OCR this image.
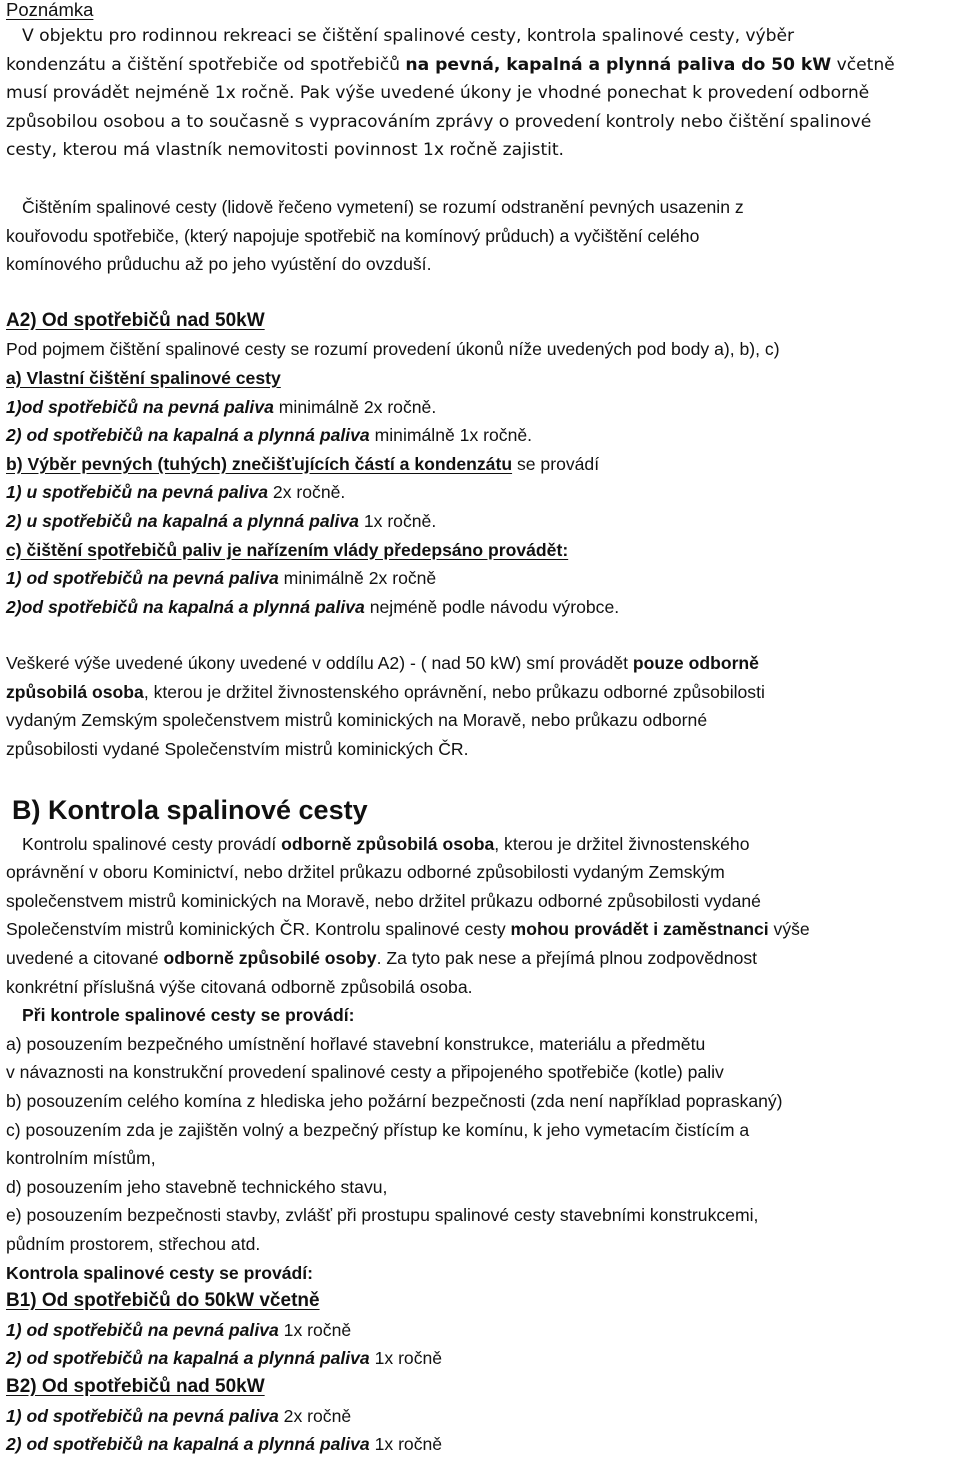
Poznámka
V objektu pro rodinnou rekreaci se čištění spalinové cesty, kontrola spalinové cesty, výběr
kondenzátu a čištění spotřebiče od spotřebičů na pevná, kapalná a plynná paliva do 50 kW včetně
musí provádět nejméně 1x ročně. Pak výše uvedené úkony je vhodné ponechat k provedení odborně
způsobilou osobou a to současně s vypracováním zprávy o provedení kontroly nebo čištění spalinové
cesty, kterou má vlastník nemovitosti povinnost 1x ročně zajistit.
Čištěním spalinové cesty (lidově řečeno vymetení) se rozumí odstranění pevných usazenin z
kouřovodu spotřebiče, (který napojuje spotřebič na komínový průduch) a vyčištění celého
komínového průduchu až po jeho vyústění do ovzduší.
A2) Od spotřebičů nad 50kW
Pod pojmem čištění spalinové cesty se rozumí provedení úkonů níže uvedených pod body a), b), c)
a) Vlastní čištění spalinové cesty
1)od spotřebičů na pevná paliva minimálně 2x ročně.
2) od spotřebičů na kapalná a plynná paliva minimálně 1x ročně.
b) Výběr pevných (tuhých) znečišťujících částí a kondenzátu se provádí
1) u spotřebičů na pevná paliva 2x ročně.
2) u spotřebičů na kapalná a plynná paliva 1x ročně.
c) čištění spotřebičů paliv je nařízením vlády předepsáno provádět:
1) od spotřebičů na pevná paliva minimálně 2x ročně
2)od spotřebičů na kapalná a plynná paliva nejméně podle návodu výrobce.
Veškeré výše uvedené úkony uvedené v oddílu A2) - ( nad 50 kW) smí provádět pouze odborně
způsobilá osoba, kterou je držitel živnostenského oprávnění, nebo průkazu odborné způsobilosti
vydaným Zemským společenstvem mistrů kominických na Moravě, nebo průkazu odborné
způsobilosti vydané Společenstvím mistrů kominických ČR.
B) Kontrola spalinové cesty
Kontrolu spalinové cesty provádí odborně způsobilá osoba, kterou je držitel živnostenského
oprávnění v oboru Kominictví, nebo držitel průkazu odborné způsobilosti vydaným Zemským
společenstvem mistrů kominických na Moravě, nebo držitel průkazu odborné způsobilosti vydané
Společenstvím mistrů kominických ČR. Kontrolu spalinové cesty mohou provádět i zaměstnanci výše
uvedené a citované odborně způsobilé osoby. Za tyto pak nese a přejímá plnou zodpovědnost
konkrétní příslušná výše citovaná odborně způsobilá osoba.
Při kontrole spalinové cesty se provádí:
a) posouzením bezpečného umístnění hořlavé stavební konstrukce, materiálu a předmětu
v návaznosti na konstrukční provedení spalinové cesty a připojeného spotřebiče (kotle) paliv
b) posouzením celého komína z hlediska jeho požární bezpečnosti (zda není například popraskaný)
c) posouzením zda je zajištěn volný a bezpečný přístup ke komínu, k jeho vymetacím čistícím a
kontrolním místům,
d) posouzením jeho stavebně technického stavu,
e) posouzením bezpečnosti stavby, zvlášť při prostupu spalinové cesty stavebními konstrukcemi,
půdním prostorem, střechou atd.
Kontrola spalinové cesty se provádí:
B1) Od spotřebičů do 50kW včetně
1) od spotřebičů na pevná paliva 1x ročně
2) od spotřebičů na kapalná a plynná paliva 1x ročně
B2) Od spotřebičů nad 50kW
1) od spotřebičů na pevná paliva 2x ročně
2) od spotřebičů na kapalná a plynná paliva 1x ročně
